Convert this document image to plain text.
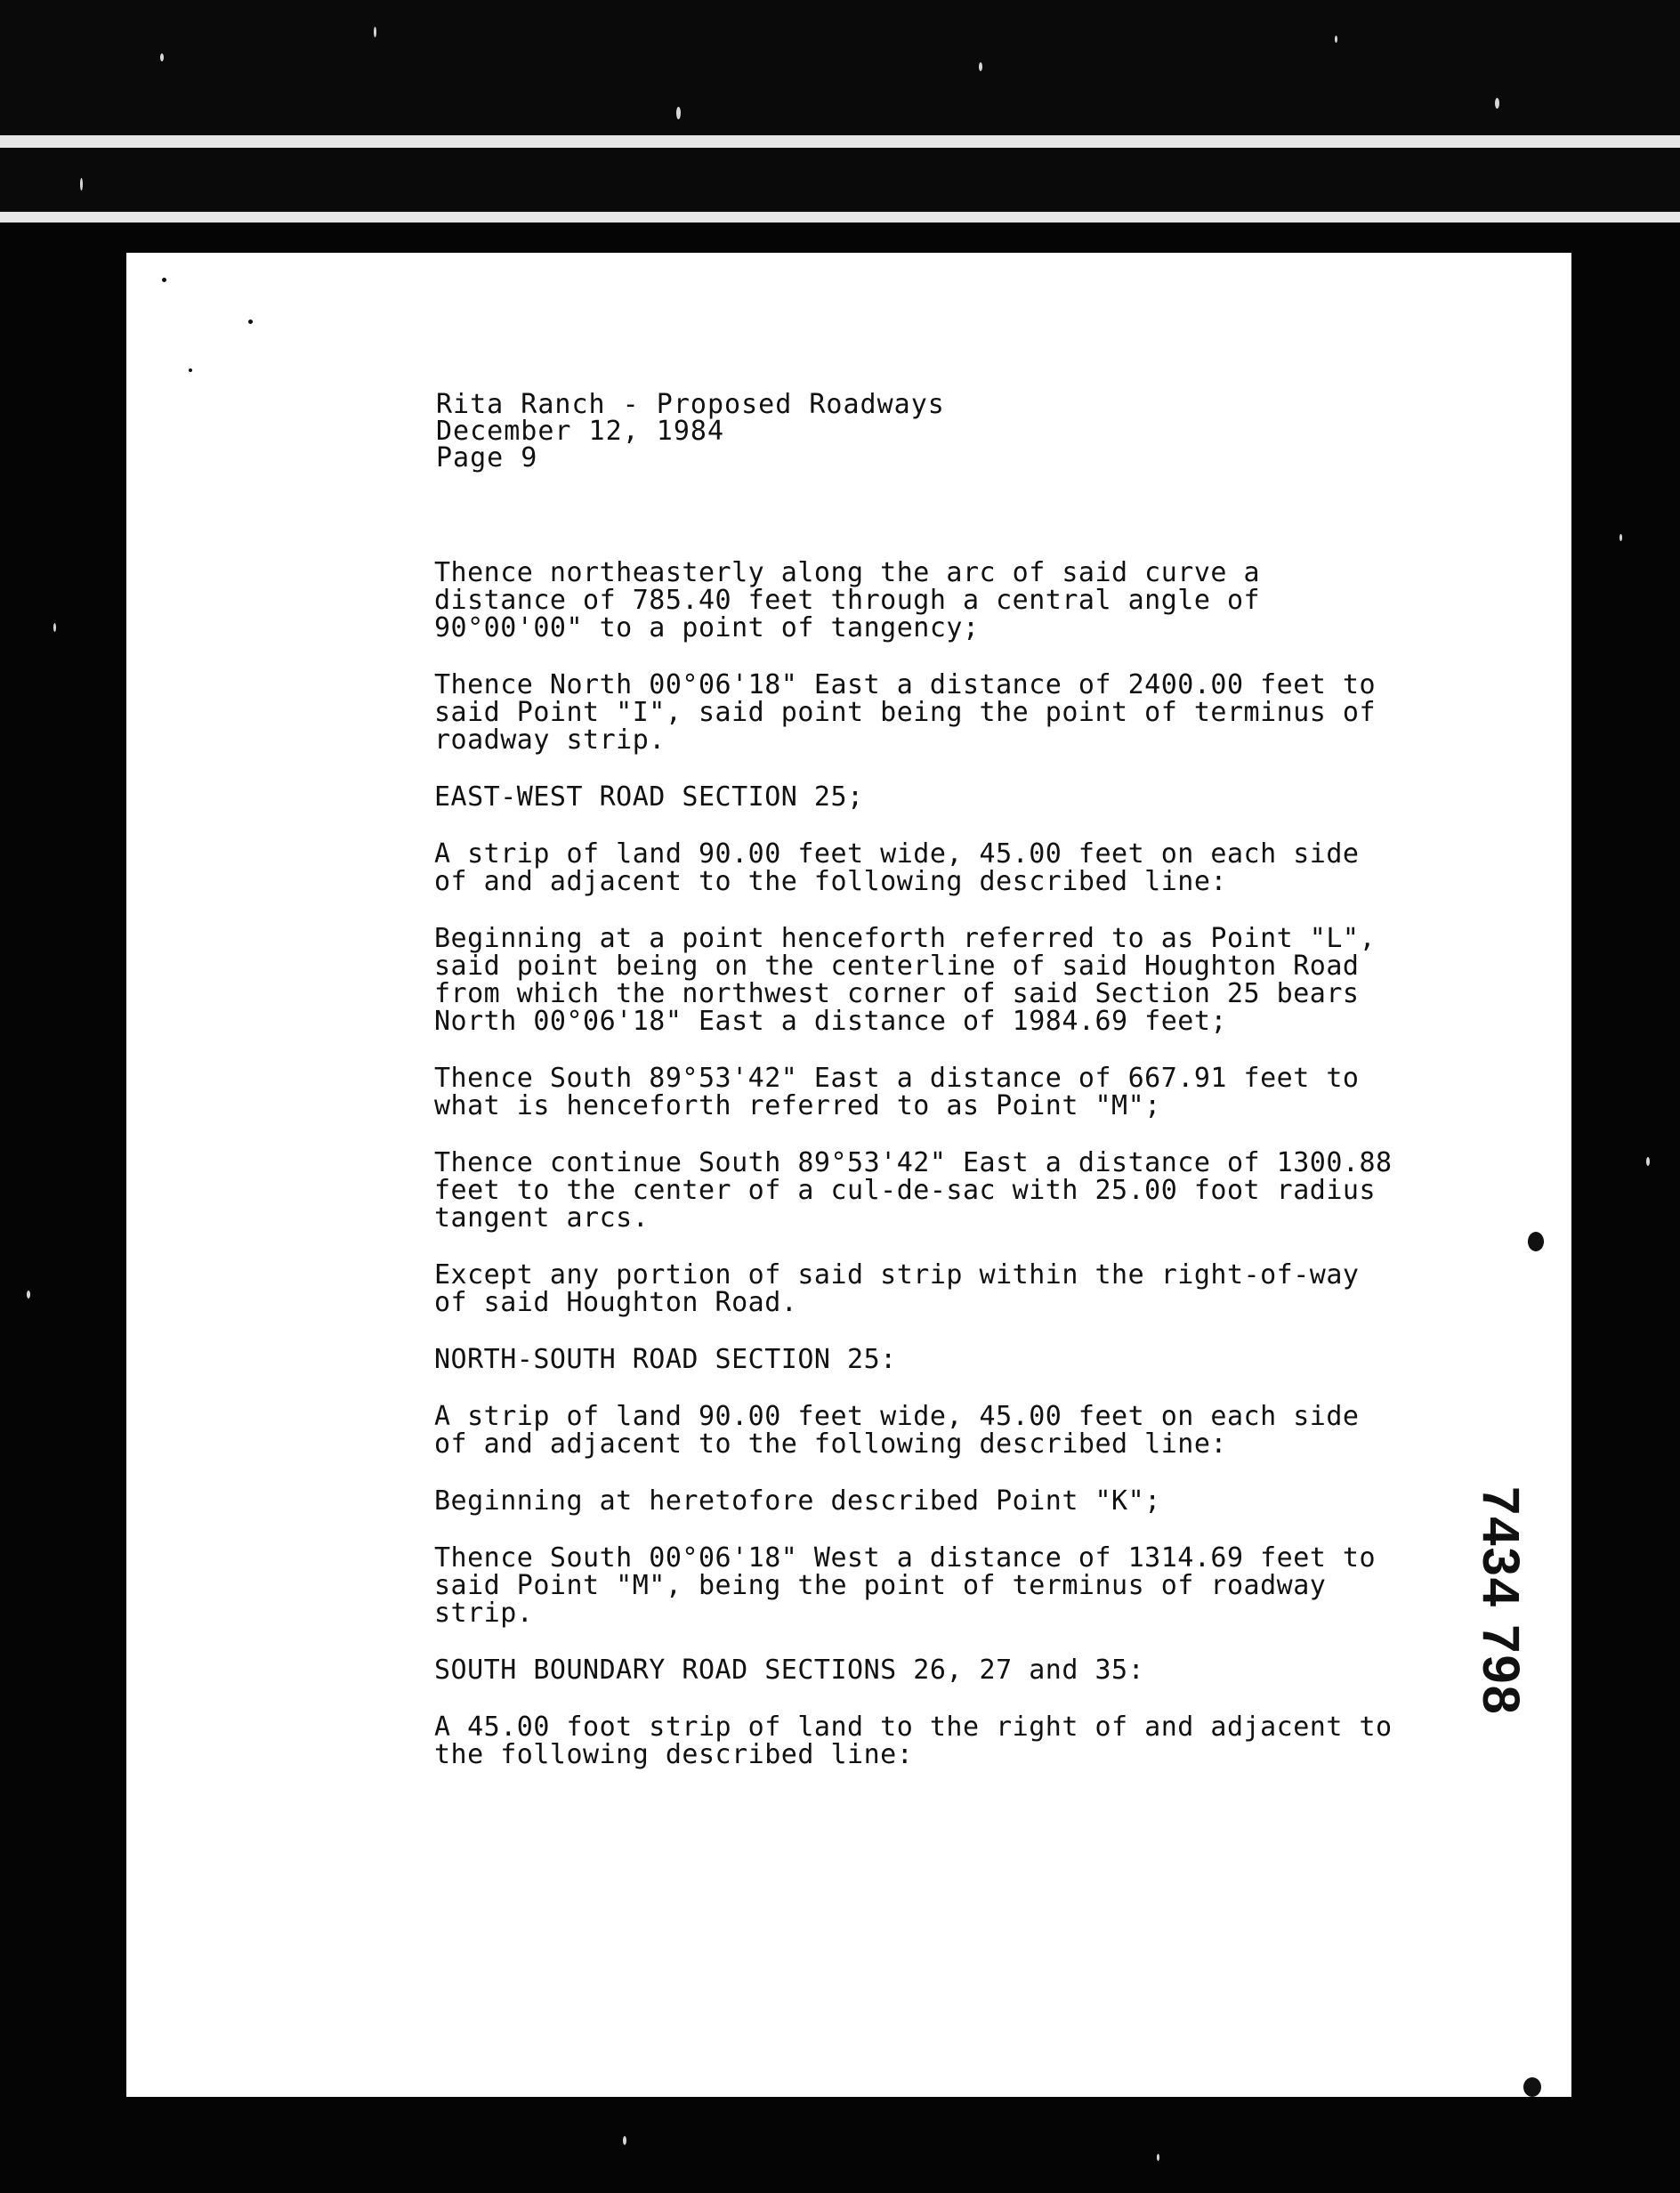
Rita Ranch - Proposed Roadways
December 12, 1984
Page 9

Thence northeasterly along the arc of said curve a
distance of 785.40 feet through a central angle of
90°00'00" to a point of tangency;

Thence North 00°06'18" East a distance of 2400.00 feet to
said Point "I", said point being the point of terminus of
roadway strip.

EAST-WEST ROAD SECTION 25;

A strip of land 90.00 feet wide, 45.00 feet on each side
of and adjacent to the following described line:

Beginning at a point henceforth referred to as Point "L",
said point being on the centerline of said Houghton Road
from which the northwest corner of said Section 25 bears
North 00°06'18" East a distance of 1984.69 feet;

Thence South 89°53'42" East a distance of 667.91 feet to
what is henceforth referred to as Point "M";

Thence continue South 89°53'42" East a distance of 1300.88
feet to the center of a cul-de-sac with 25.00 foot radius
tangent arcs.

Except any portion of said strip within the right-of-way
of said Houghton Road.

NORTH-SOUTH ROAD SECTION 25:

A strip of land 90.00 feet wide, 45.00 feet on each side
of and adjacent to the following described line:

Beginning at heretofore described Point "K";

Thence South 00°06'18" West a distance of 1314.69 feet to
said Point "M", being the point of terminus of roadway
strip.

SOUTH BOUNDARY ROAD SECTIONS 26, 27 and 35:

A 45.00 foot strip of land to the right of and adjacent to
the following described line:

7434 798
